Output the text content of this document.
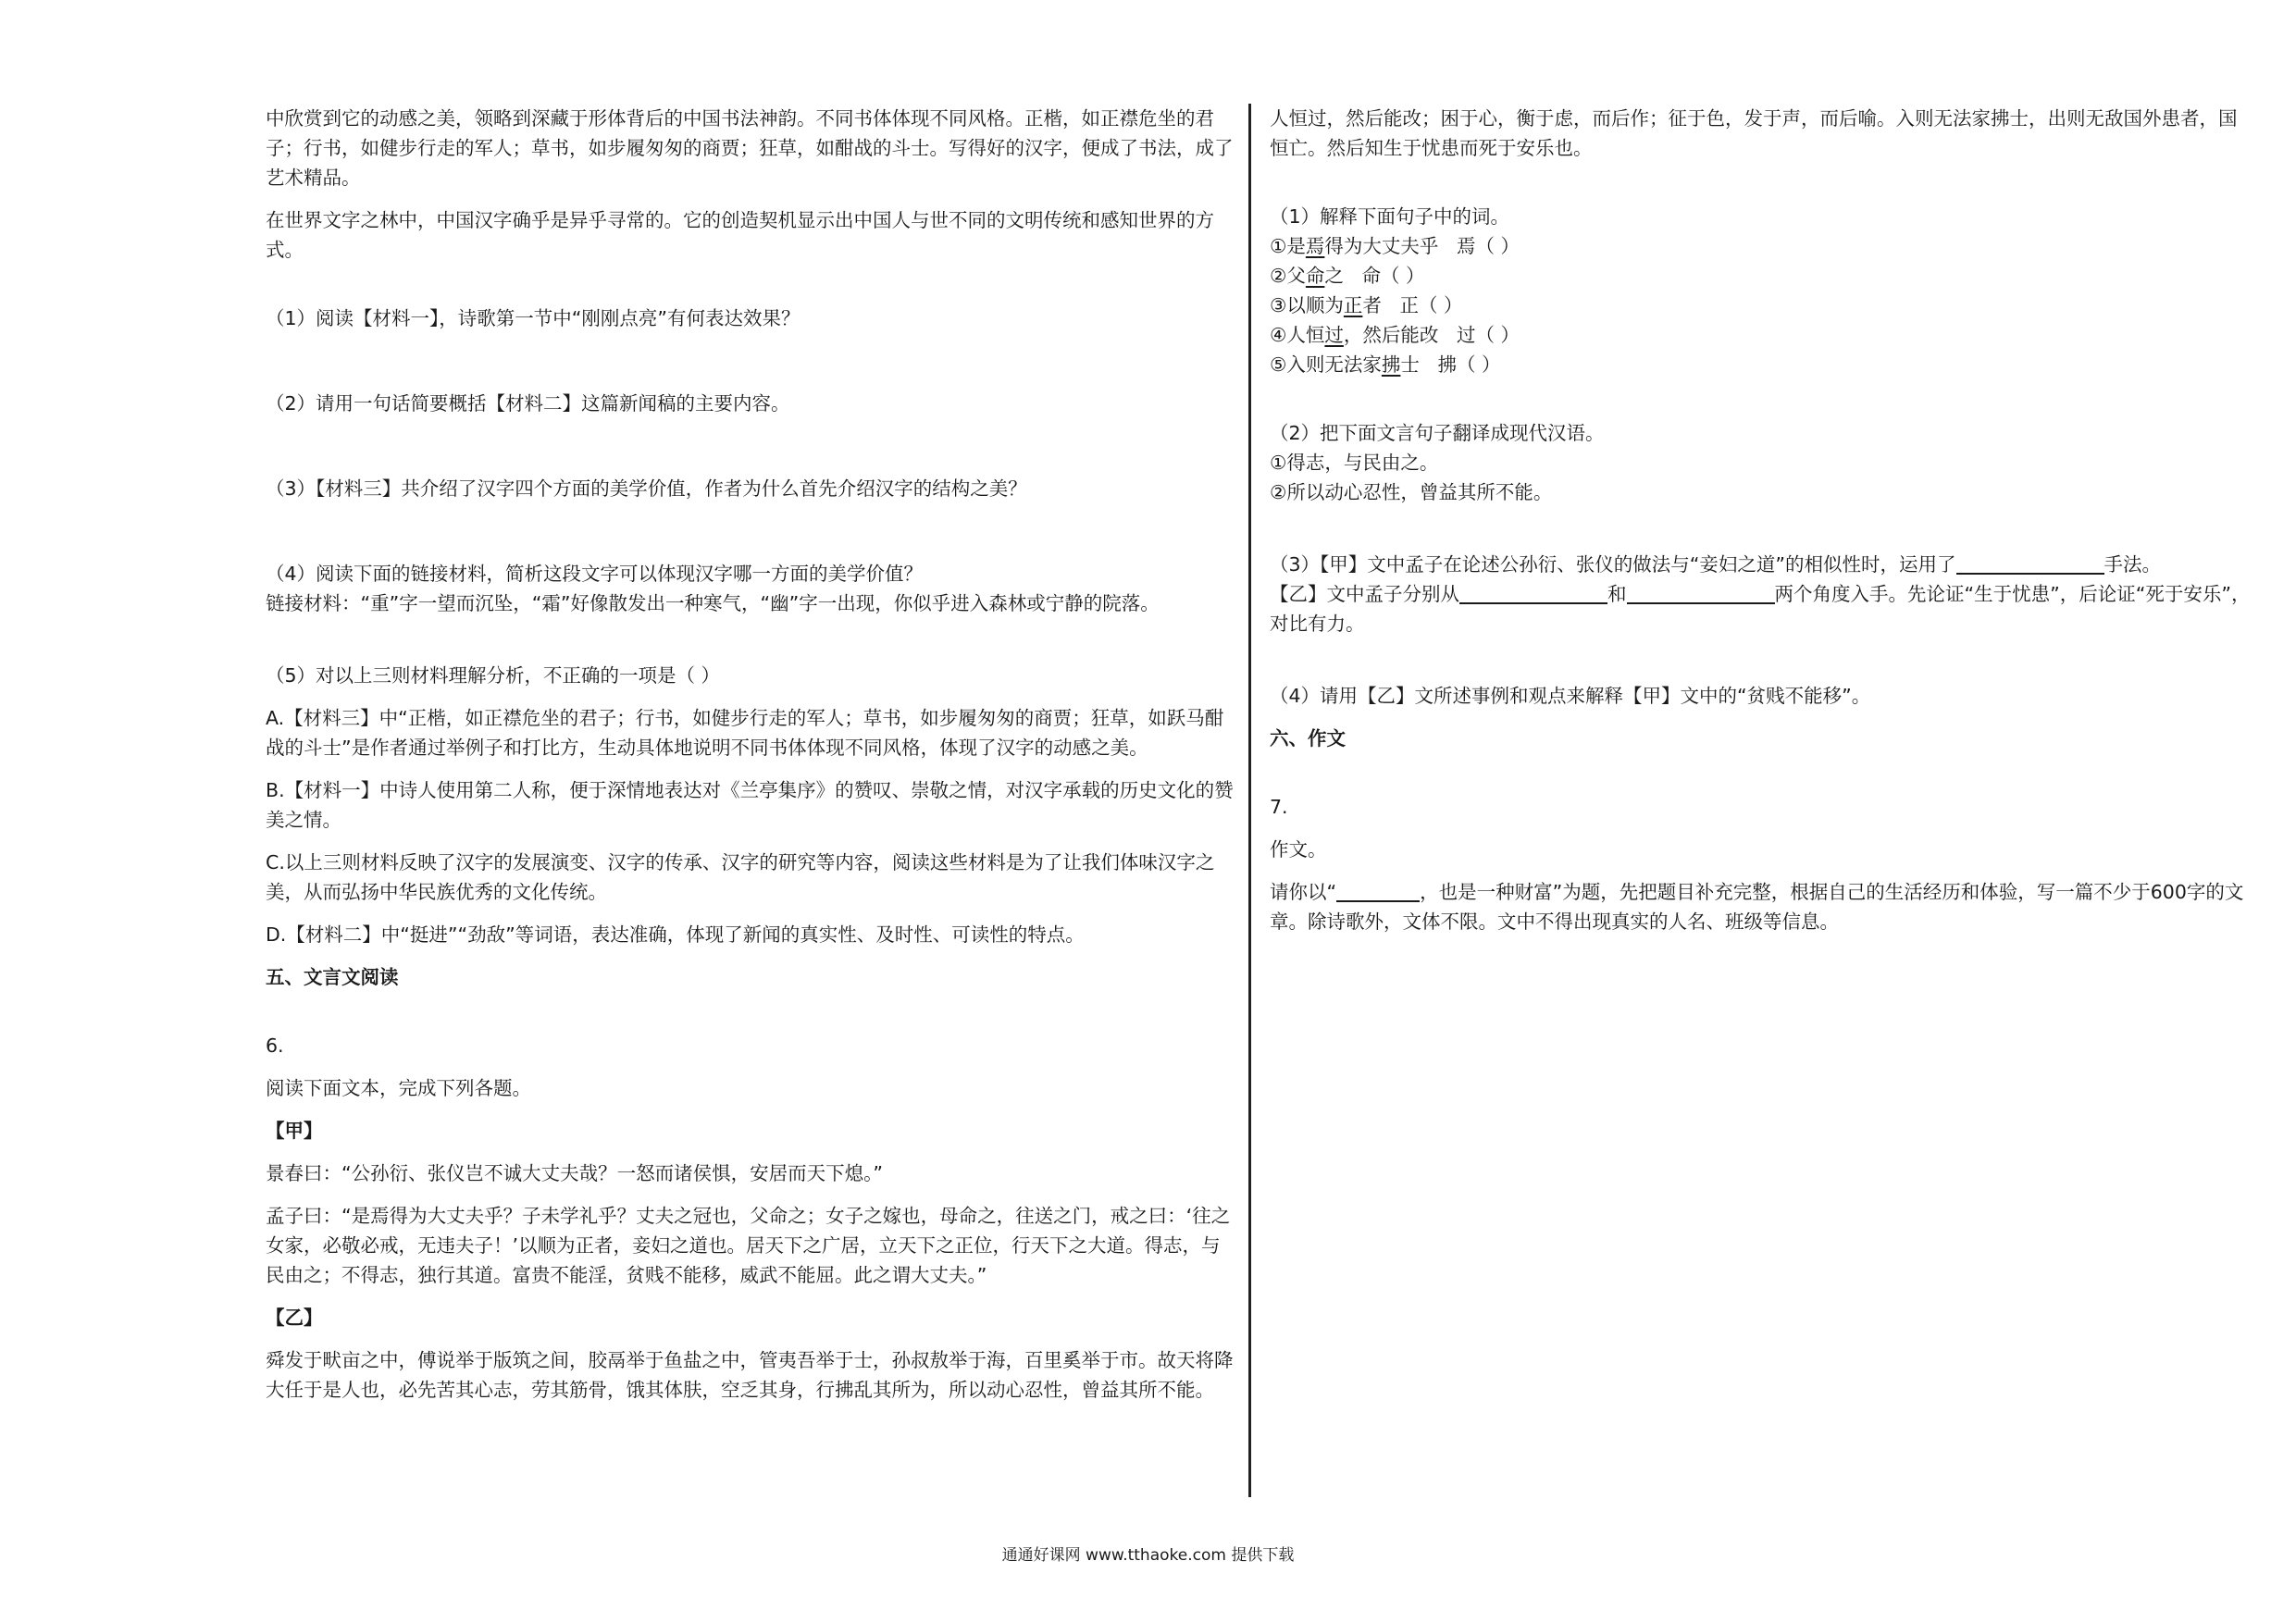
中欣赏到它的动感之美，领略到深藏于形体背后的中国书法神韵。不同书体体现不同风格。正楷，如正襟危坐的君子；行书，如健步行走的军人；草书，如步履匆匆的商贾；狂草，如酣战的斗士。写得好的汉字，便成了书法，成了艺术精品。

在世界文字之林中，中国汉字确乎是异乎寻常的。它的创造契机显示出中国人与世不同的文明传统和感知世界的方式。

（1）阅读【材料一】，诗歌第一节中“刚刚点亮”有何表达效果？

（2）请用一句话简要概括【材料二】这篇新闻稿的主要内容。

（3）【材料三】共介绍了汉字四个方面的美学价值，作者为什么首先介绍汉字的结构之美？

（4）阅读下面的链接材料，简析这段文字可以体现汉字哪一方面的美学价值？

链接材料：“重”字一望而沉坠，“霜”好像散发出一种寒气，“幽”字一出现，你似乎进入森林或宁静的院落。

（5）对以上三则材料理解分析，不正确的一项是（ ）

A.【材料三】中“正楷，如正襟危坐的君子；行书，如健步行走的军人；草书，如步履匆匆的商贾；狂草，如跃马酣战的斗士”是作者通过举例子和打比方，生动具体地说明不同书体体现不同风格，体现了汉字的动感之美。

B.【材料一】中诗人使用第二人称，便于深情地表达对《兰亭集序》的赞叹、崇敬之情，对汉字承载的历史文化的赞美之情。

C.以上三则材料反映了汉字的发展演变、汉字的传承、汉字的研究等内容，阅读这些材料是为了让我们体味汉字之美，从而弘扬中华民族优秀的文化传统。

D.【材料二】中“挺进”“劲敌”等词语，表达准确，体现了新闻的真实性、及时性、可读性的特点。

五、文言文阅读

6.

阅读下面文本，完成下列各题。

【甲】

景春曰：“公孙衍、张仪岂不诚大丈夫哉？一怒而诸侯惧，安居而天下熄。”

孟子曰：“是焉得为大丈夫乎？子未学礼乎？丈夫之冠也，父命之；女子之嫁也，母命之，往送之门，戒之曰：‘往之女家，必敬必戒，无违夫子！’以顺为正者，妾妇之道也。居天下之广居，立天下之正位，行天下之大道。得志，与民由之；不得志，独行其道。富贵不能淫，贫贱不能移，威武不能屈。此之谓大丈夫。”

【乙】

舜发于畎亩之中，傅说举于版筑之间，胶鬲举于鱼盐之中，管夷吾举于士，孙叔敖举于海，百里奚举于市。故天将降大任于是人也，必先苦其心志，劳其筋骨，饿其体肤，空乏其身，行拂乱其所为，所以动心忍性，曾益其所不能。

人恒过，然后能改；困于心，衡于虑，而后作；征于色，发于声，而后喻。入则无法家拂士，出则无敌国外患者，国恒亡。然后知生于忧患而死于安乐也。

（1）解释下面句子中的词。

①是焉得为大丈夫乎 焉（ ）

②父命之 命（ ）

③以顺为正者 正（ ）

④人恒过，然后能改 过（ ）

⑤入则无法家拂士 拂（ ）

（2）把下面文言句子翻译成现代汉语。

①得志，与民由之。

②所以动心忍性，曾益其所不能。

（3）【甲】文中孟子在论述公孙衍、张仪的做法与“妾妇之道”的相似性时，运用了	手法。
【乙】文中孟子分别从	和	两个角度入手。先论证“生于忧患”，后论证“死于安乐”，对比有力。

（4）请用【乙】文所述事例和观点来解释【甲】文中的“贫贱不能移”。

六、作文

7.

作文。

请你以“	，也是一种财富”为题，先把题目补充完整，根据自己的生活经历和体验，写一篇不少于600字的文章。除诗歌外，文体不限。文中不得出现真实的人名、班级等信息。

通通好课网 www.tthaoke.com 提供下载
